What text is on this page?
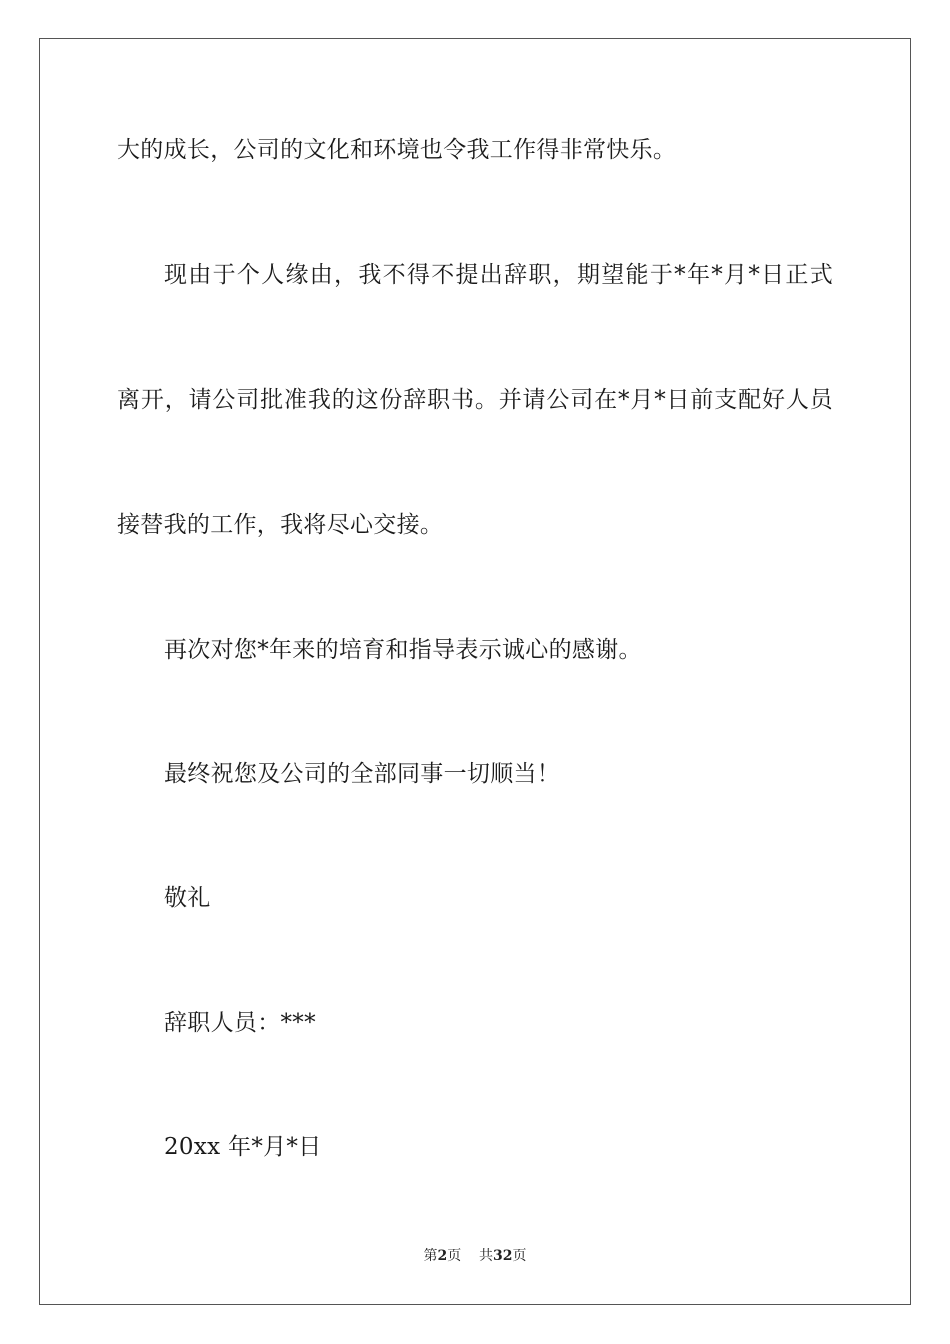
大的成长，公司的文化和环境也令我工作得非常快乐。
现由于个人缘由，我不得不提出辞职，期望能于*年*月*日正式
离开，请公司批准我的这份辞职书。并请公司在*月*日前支配好人员
接替我的工作，我将尽心交接。
再次对您*年来的培育和指导表示诚心的感谢。
最终祝您及公司的全部同事一切顺当！
敬礼
辞职人员：***
20xx 年*月*日
第2页 共32页
